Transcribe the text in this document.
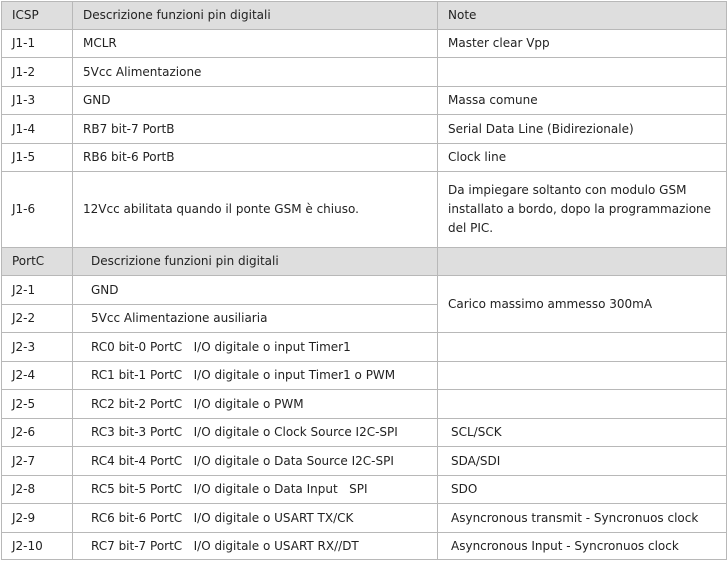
ICSP	Descrizione funzioni pin digitali	Note
J1-1	MCLR	Master clear Vpp
J1-2	5Vcc Alimentazione	
J1-3	GND	Massa comune
J1-4	RB7 bit-7 PortB	Serial Data Line (Bidirezionale)
J1-5	RB6 bit-6 PortB	Clock line
J1-6	12Vcc abilitata quando il ponte GSM è chiuso.	Da impiegare soltanto con modulo GSM installato a bordo, dopo la programmazione del PIC.
PortC	Descrizione funzioni pin digitali	
J2-1	GND	Carico massimo ammesso 300mA
J2-2	5Vcc Alimentazione ausiliaria	
J2-3	RC0 bit-0 PortC   I/O digitale o input Timer1	
J2-4	RC1 bit-1 PortC   I/O digitale o input Timer1 o PWM	
J2-5	RC2 bit-2 PortC   I/O digitale o PWM	
J2-6	RC3 bit-3 PortC   I/O digitale o Clock Source I2C-SPI	SCL/SCK
J2-7	RC4 bit-4 PortC   I/O digitale o Data Source I2C-SPI	SDA/SDI
J2-8	RC5 bit-5 PortC   I/O digitale o Data Input   SPI	SDO
J2-9	RC6 bit-6 PortC   I/O digitale o USART TX/CK	Asyncronous transmit - Syncronuos clock
J2-10	RC7 bit-7 PortC   I/O digitale o USART RX//DT	Asyncronous Input - Syncronuos clock
